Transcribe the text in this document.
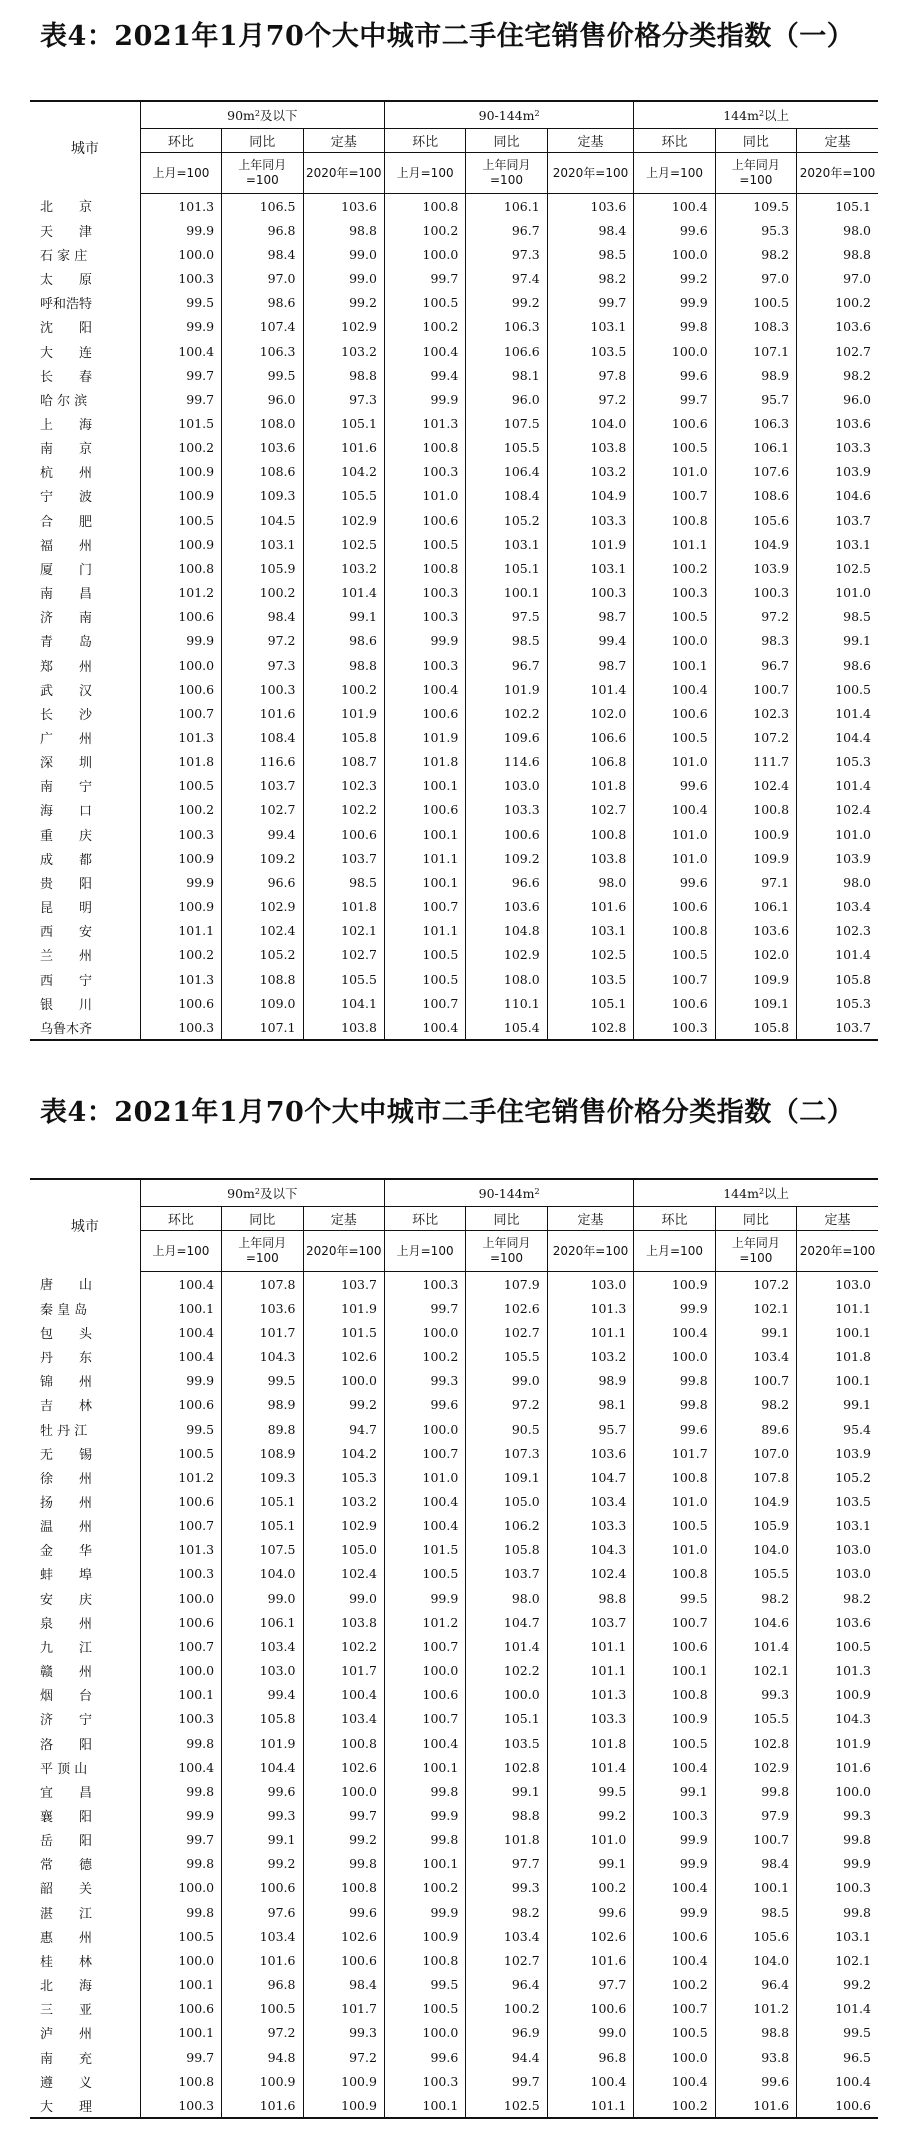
表4：2021年1月70个大中城市二手住宅销售价格分类指数（一）
城市	$90m^2$及以下			$90-144m^2$			$144m^2$以上		
	环比	同比	定基	环比	同比	定基	环比	同比	定基
	上月=100	上年同月=100	2020年=100	上月=100	上年同月=100	2020年=100	上月=100	上年同月=100	2020年=100
北　　京	101.3	106.5	103.6	100.8	106.1	103.6	100.4	109.5	105.1
天　　津	99.9	96.8	98.8	100.2	96.7	98.4	99.6	95.3	98.0
石 家 庄	100.0	98.4	99.0	100.0	97.3	98.5	100.0	98.2	98.8
太　　原	100.3	97.0	99.0	99.7	97.4	98.2	99.2	97.0	97.0
呼和浩特	99.5	98.6	99.2	100.5	99.2	99.7	99.9	100.5	100.2
沈　　阳	99.9	107.4	102.9	100.2	106.3	103.1	99.8	108.3	103.6
大　　连	100.4	106.3	103.2	100.4	106.6	103.5	100.0	107.1	102.7
长　　春	99.7	99.5	98.8	99.4	98.1	97.8	99.6	98.9	98.2
哈 尔 滨	99.7	96.0	97.3	99.9	96.0	97.2	99.7	95.7	96.0
上　　海	101.5	108.0	105.1	101.3	107.5	104.0	100.6	106.3	103.6
南　　京	100.2	103.6	101.6	100.8	105.5	103.8	100.5	106.1	103.3
杭　　州	100.9	108.6	104.2	100.3	106.4	103.2	101.0	107.6	103.9
宁　　波	100.9	109.3	105.5	101.0	108.4	104.9	100.7	108.6	104.6
合　　肥	100.5	104.5	102.9	100.6	105.2	103.3	100.8	105.6	103.7
福　　州	100.9	103.1	102.5	100.5	103.1	101.9	101.1	104.9	103.1
厦　　门	100.8	105.9	103.2	100.8	105.1	103.1	100.2	103.9	102.5
南　　昌	101.2	100.2	101.4	100.3	100.1	100.3	100.3	100.3	101.0
济　　南	100.6	98.4	99.1	100.3	97.5	98.7	100.5	97.2	98.5
青　　岛	99.9	97.2	98.6	99.9	98.5	99.4	100.0	98.3	99.1
郑　　州	100.0	97.3	98.8	100.3	96.7	98.7	100.1	96.7	98.6
武　　汉	100.6	100.3	100.2	100.4	101.9	101.4	100.4	100.7	100.5
长　　沙	100.7	101.6	101.9	100.6	102.2	102.0	100.6	102.3	101.4
广　　州	101.3	108.4	105.8	101.9	109.6	106.6	100.5	107.2	104.4
深　　圳	101.8	116.6	108.7	101.8	114.6	106.8	101.0	111.7	105.3
南　　宁	100.5	103.7	102.3	100.1	103.0	101.8	99.6	102.4	101.4
海　　口	100.2	102.7	102.2	100.6	103.3	102.7	100.4	100.8	102.4
重　　庆	100.3	99.4	100.6	100.1	100.6	100.8	101.0	100.9	101.0
成　　都	100.9	109.2	103.7	101.1	109.2	103.8	101.0	109.9	103.9
贵　　阳	99.9	96.6	98.5	100.1	96.6	98.0	99.6	97.1	98.0
昆　　明	100.9	102.9	101.8	100.7	103.6	101.6	100.6	106.1	103.4
西　　安	101.1	102.4	102.1	101.1	104.8	103.1	100.8	103.6	102.3
兰　　州	100.2	105.2	102.7	100.5	102.9	102.5	100.5	102.0	101.4
西　　宁	101.3	108.8	105.5	100.5	108.0	103.5	100.7	109.9	105.8
银　　川	100.6	109.0	104.1	100.7	110.1	105.1	100.6	109.1	105.3
乌鲁木齐	100.3	107.1	103.8	100.4	105.4	102.8	100.3	105.8	103.7
表4：2021年1月70个大中城市二手住宅销售价格分类指数（二）
城市	$90m^2$及以下			$90-144m^2$			$144m^2$以上		
	环比	同比	定基	环比	同比	定基	环比	同比	定基
	上月=100	上年同月=100	2020年=100	上月=100	上年同月=100	2020年=100	上月=100	上年同月=100	2020年=100
唐　　山	100.4	107.8	103.7	100.3	107.9	103.0	100.9	107.2	103.0
秦 皇 岛	100.1	103.6	101.9	99.7	102.6	101.3	99.9	102.1	101.1
包　　头	100.4	101.7	101.5	100.0	102.7	101.1	100.4	99.1	100.1
丹　　东	100.4	104.3	102.6	100.2	105.5	103.2	100.0	103.4	101.8
锦　　州	99.9	99.5	100.0	99.3	99.0	98.9	99.8	100.7	100.1
吉　　林	100.6	98.9	99.2	99.6	97.2	98.1	99.8	98.2	99.1
牡 丹 江	99.5	89.8	94.7	100.0	90.5	95.7	99.6	89.6	95.4
无　　锡	100.5	108.9	104.2	100.7	107.3	103.6	101.7	107.0	103.9
徐　　州	101.2	109.3	105.3	101.0	109.1	104.7	100.8	107.8	105.2
扬　　州	100.6	105.1	103.2	100.4	105.0	103.4	101.0	104.9	103.5
温　　州	100.7	105.1	102.9	100.4	106.2	103.3	100.5	105.9	103.1
金　　华	101.3	107.5	105.0	101.5	105.8	104.3	101.0	104.0	103.0
蚌　　埠	100.3	104.0	102.4	100.5	103.7	102.4	100.8	105.5	103.0
安　　庆	100.0	99.0	99.0	99.9	98.0	98.8	99.5	98.2	98.2
泉　　州	100.6	106.1	103.8	101.2	104.7	103.7	100.7	104.6	103.6
九　　江	100.7	103.4	102.2	100.7	101.4	101.1	100.6	101.4	100.5
赣　　州	100.0	103.0	101.7	100.0	102.2	101.1	100.1	102.1	101.3
烟　　台	100.1	99.4	100.4	100.6	100.0	101.3	100.8	99.3	100.9
济　　宁	100.3	105.8	103.4	100.7	105.1	103.3	100.9	105.5	104.3
洛　　阳	99.8	101.9	100.8	100.4	103.5	101.8	100.5	102.8	101.9
平 顶 山	100.4	104.4	102.6	100.1	102.8	101.4	100.4	102.9	101.6
宜　　昌	99.8	99.6	100.0	99.8	99.1	99.5	99.1	99.8	100.0
襄　　阳	99.9	99.3	99.7	99.9	98.8	99.2	100.3	97.9	99.3
岳　　阳	99.7	99.1	99.2	99.8	101.8	101.0	99.9	100.7	99.8
常　　德	99.8	99.2	99.8	100.1	97.7	99.1	99.9	98.4	99.9
韶　　关	100.0	100.6	100.8	100.2	99.3	100.2	100.4	100.1	100.3
湛　　江	99.8	97.6	99.6	99.9	98.2	99.6	99.9	98.5	99.8
惠　　州	100.5	103.4	102.6	100.9	103.4	102.6	100.6	105.6	103.1
桂　　林	100.0	101.6	100.6	100.8	102.7	101.6	100.4	104.0	102.1
北　　海	100.1	96.8	98.4	99.5	96.4	97.7	100.2	96.4	99.2
三　　亚	100.6	100.5	101.7	100.5	100.2	100.6	100.7	101.2	101.4
泸　　州	100.1	97.2	99.3	100.0	96.9	99.0	100.5	98.8	99.5
南　　充	99.7	94.8	97.2	99.6	94.4	96.8	100.0	93.8	96.5
遵　　义	100.8	100.9	100.9	100.3	99.7	100.4	100.4	99.6	100.4
大　　理	100.3	101.6	100.9	100.1	102.5	101.1	100.2	101.6	100.6
